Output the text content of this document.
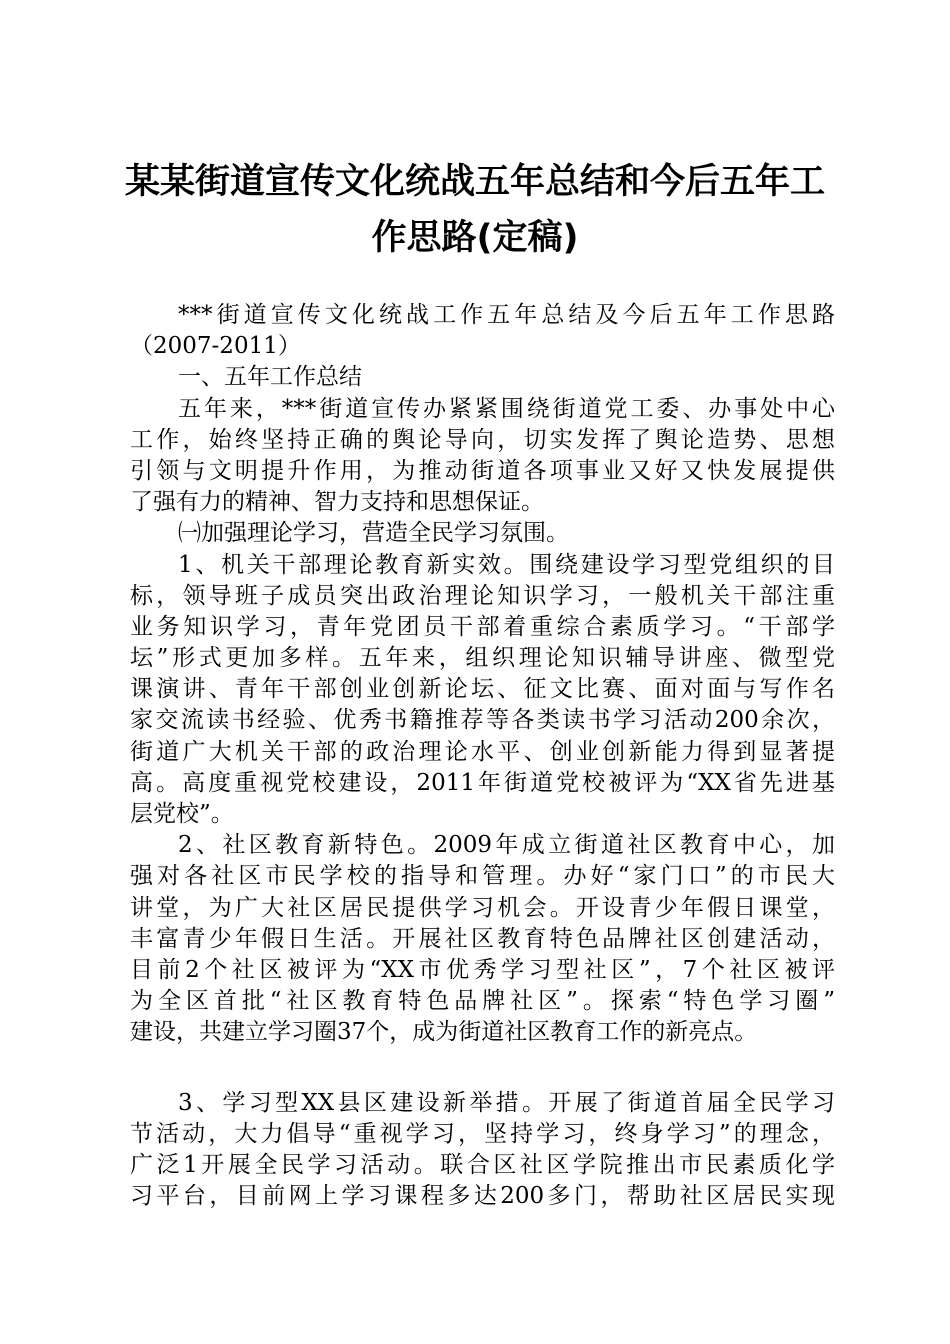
某某街道宣传文化统战五年总结和今后五年工
作思路(定稿)
***街道宣传文化统战工作五年总结及今后五年工作思路
（2007-2011）
一、五年工作总结
五年来，***街道宣传办紧紧围绕街道党工委、办事处中心
工作，始终坚持正确的舆论导向，切实发挥了舆论造势、思想
引领与文明提升作用，为推动街道各项事业又好又快发展提供
了强有力的精神、智力支持和思想保证。
㈠加强理论学习，营造全民学习氛围。
1、机关干部理论教育新实效。围绕建设学习型党组织的目
标，领导班子成员突出政治理论知识学习，一般机关干部注重
业务知识学习，青年党团员干部着重综合素质学习。“干部学
坛”形式更加多样。五年来，组织理论知识辅导讲座、微型党
课演讲、青年干部创业创新论坛、征文比赛、面对面与写作名
家交流读书经验、优秀书籍推荐等各类读书学习活动200余次，
街道广大机关干部的政治理论水平、创业创新能力得到显著提
高。高度重视党校建设，2011年街道党校被评为“XX省先进基
层党校”。
2、社区教育新特色。2009年成立街道社区教育中心，加
强对各社区市民学校的指导和管理。办好“家门口”的市民大
讲堂，为广大社区居民提供学习机会。开设青少年假日课堂，
丰富青少年假日生活。开展社区教育特色品牌社区创建活动，
目前2个社区被评为“XX市优秀学习型社区”，7个社区被评
为全区首批“社区教育特色品牌社区”。探索“特色学习圈”
建设，共建立学习圈37个，成为街道社区教育工作的新亮点。
3、学习型XX县区建设新举措。开展了街道首届全民学习
节活动，大力倡导“重视学习，坚持学习，终身学习”的理念，
广泛1开展全民学习活动。联合区社区学院推出市民素质化学
习平台，目前网上学习课程多达200多门，帮助社区居民实现
